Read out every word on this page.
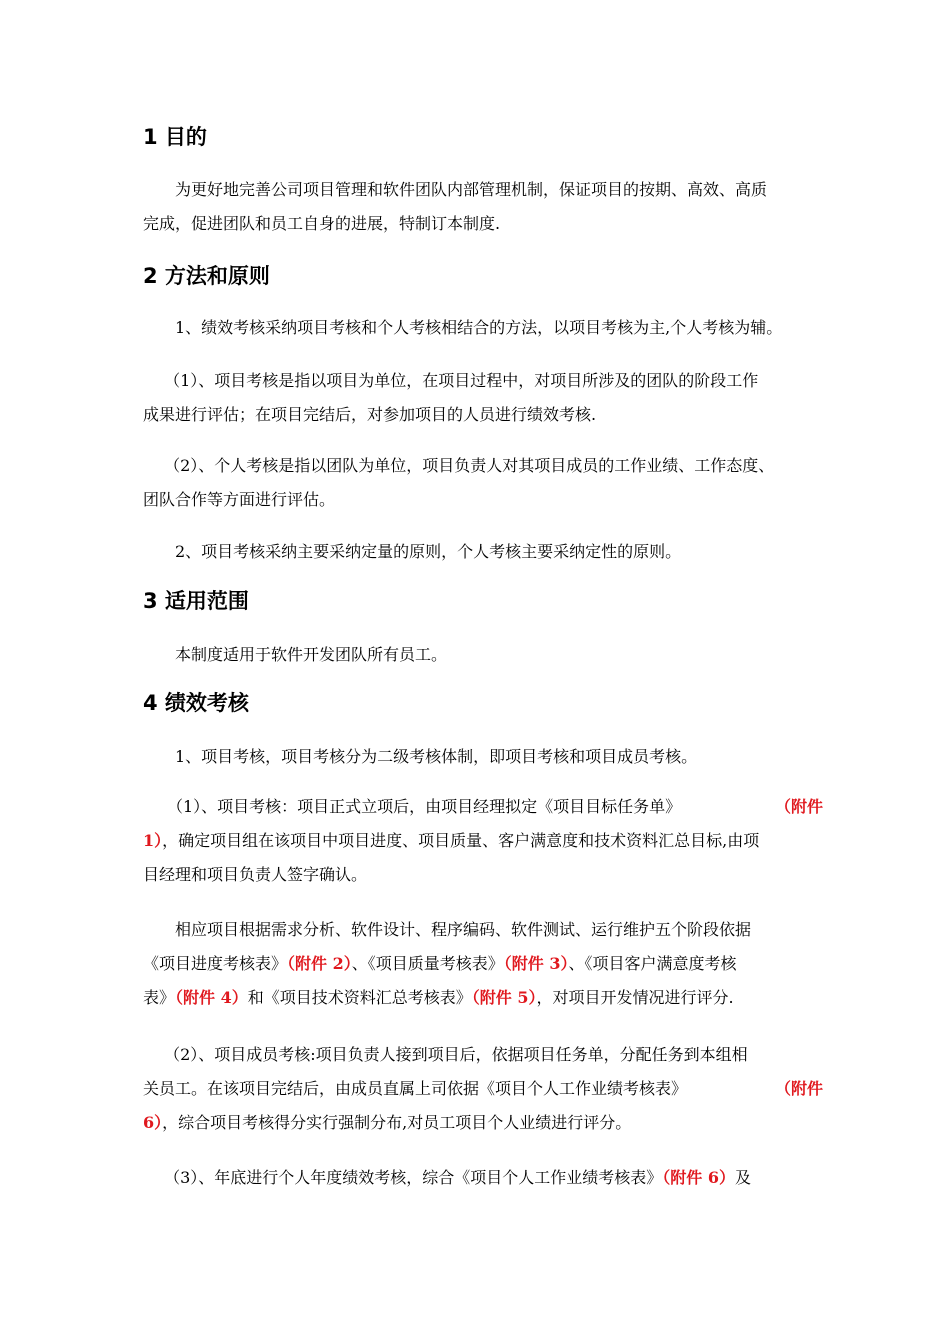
1 目的
　　为更好地完善公司项目管理和软件团队内部管理机制，保证项目的按期、高效、高质
完成，促进团队和员工自身的进展，特制订本制度.
2 方法和原则
　　1、绩效考核采纳项目考核和个人考核相结合的方法，以项目考核为主,个人考核为辅。
　 （1）、项目考核是指以项目为单位，在项目过程中，对项目所涉及的团队的阶段工作
成果进行评估；在项目完结后，对参加项目的人员进行绩效考核.
　 （2）、个人考核是指以团队为单位，项目负责人对其项目成员的工作业绩、工作态度、
团队合作等方面进行评估。
　　2、项目考核采纳主要采纳定量的原则，个人考核主要采纳定性的原则。
3 适用范围
　　本制度适用于软件开发团队所有员工。
4 绩效考核
　　1、项目考核，项目考核分为二级考核体制，即项目考核和项目成员考核。
　　（1）、项目考核：项目正式立项后，由项目经理拟定《项目目标任务单》	（附件
1），确定项目组在该项目中项目进度、项目质量、客户满意度和技术资料汇总目标,由项
目经理和项目负责人签字确认。
　　相应项目根据需求分析、软件设计、程序编码、软件测试、运行维护五个阶段依据
《项目进度考核表》（附件 2）、《项目质量考核表》（附件 3）、《项目客户满意度考核
表》（附件 4）和《项目技术资料汇总考核表》（附件 5），对项目开发情况进行评分.
　 （2）、项目成员考核:项目负责人接到项目后，依据项目任务单，分配任务到本组相
关员工。在该项目完结后，由成员直属上司依据《项目个人工作业绩考核表》	（附件
6），综合项目考核得分实行强制分布,对员工项目个人业绩进行评分。
　 （3）、年底进行个人年度绩效考核，综合《项目个人工作业绩考核表》（附件 6）及
